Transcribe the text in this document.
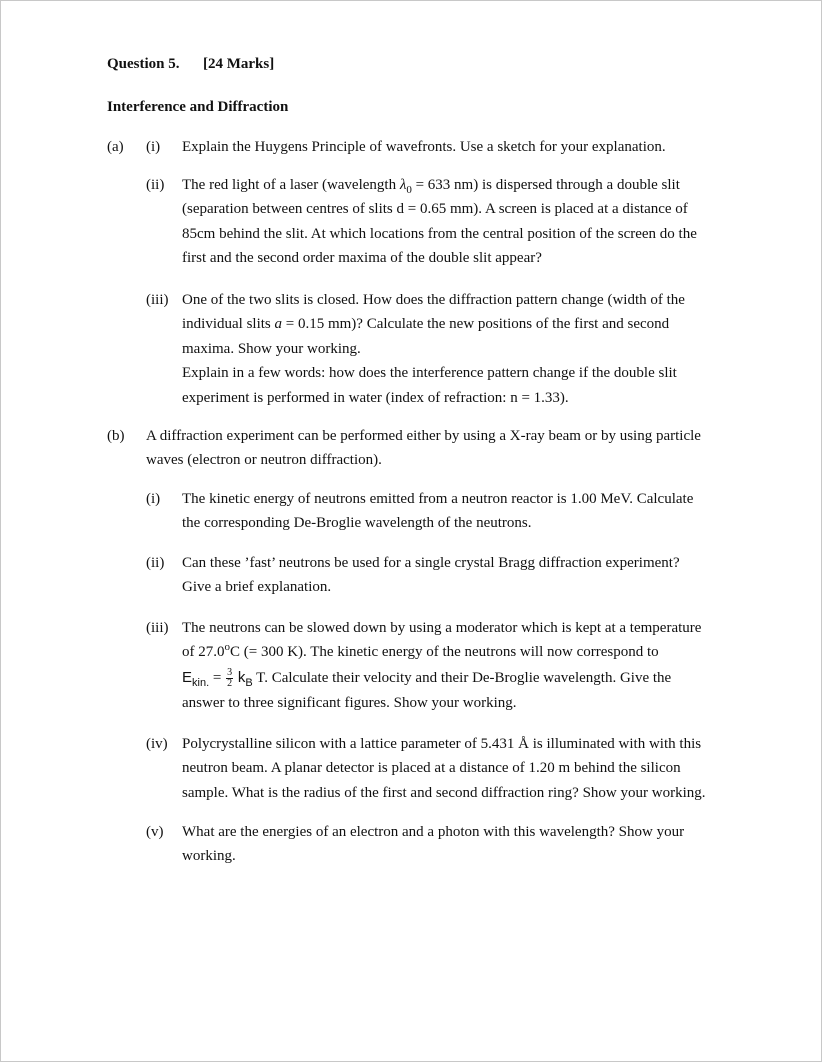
Question 5. [24 Marks]
Interference and Diffraction
(a) (i) Explain the Huygens Principle of wavefronts. Use a sketch for your explanation.
(ii) The red light of a laser (wavelength $\lambda_0 = 633$ nm) is dispersed through a double slit
(separation between centres of slits d = 0.65 mm). A screen is placed at a distance of
85cm behind the slit. At which locations from the central position of the screen do the
first and the second order maxima of the double slit appear?
(iii) One of the two slits is closed. How does the diffraction pattern change (width of the
individual slits a = 0.15 mm)? Calculate the new positions of the first and second
maxima. Show your working.
Explain in a few words: how does the interference pattern change if the double slit
experiment is performed in water (index of refraction: n = 1.33).
(b) A diffraction experiment can be performed either by using a X-ray beam or by using particle
waves (electron or neutron diffraction).
(i) The kinetic energy of neutrons emitted from a neutron reactor is 1.00 MeV. Calculate
the corresponding De-Broglie wavelength of the neutrons.
(ii) Can these ’fast’ neutrons be used for a single crystal Bragg diffraction experiment?
Give a brief explanation.
(iii) The neutrons can be slowed down by using a moderator which is kept at a temperature
of 27.0$^o$C (= 300 K). The kinetic energy of the neutrons will now correspond to
$E_{kin.} = \frac{3}{2} k_B$ T. Calculate their velocity and their De-Broglie wavelength. Give the
answer to three significant figures. Show your working.
(iv) Polycrystalline silicon with a lattice parameter of 5.431 Å is illuminated with with this
neutron beam. A planar detector is placed at a distance of 1.20 m behind the silicon
sample. What is the radius of the first and second diffraction ring? Show your working.
(v) What are the energies of an electron and a photon with this wavelength? Show your
working.
